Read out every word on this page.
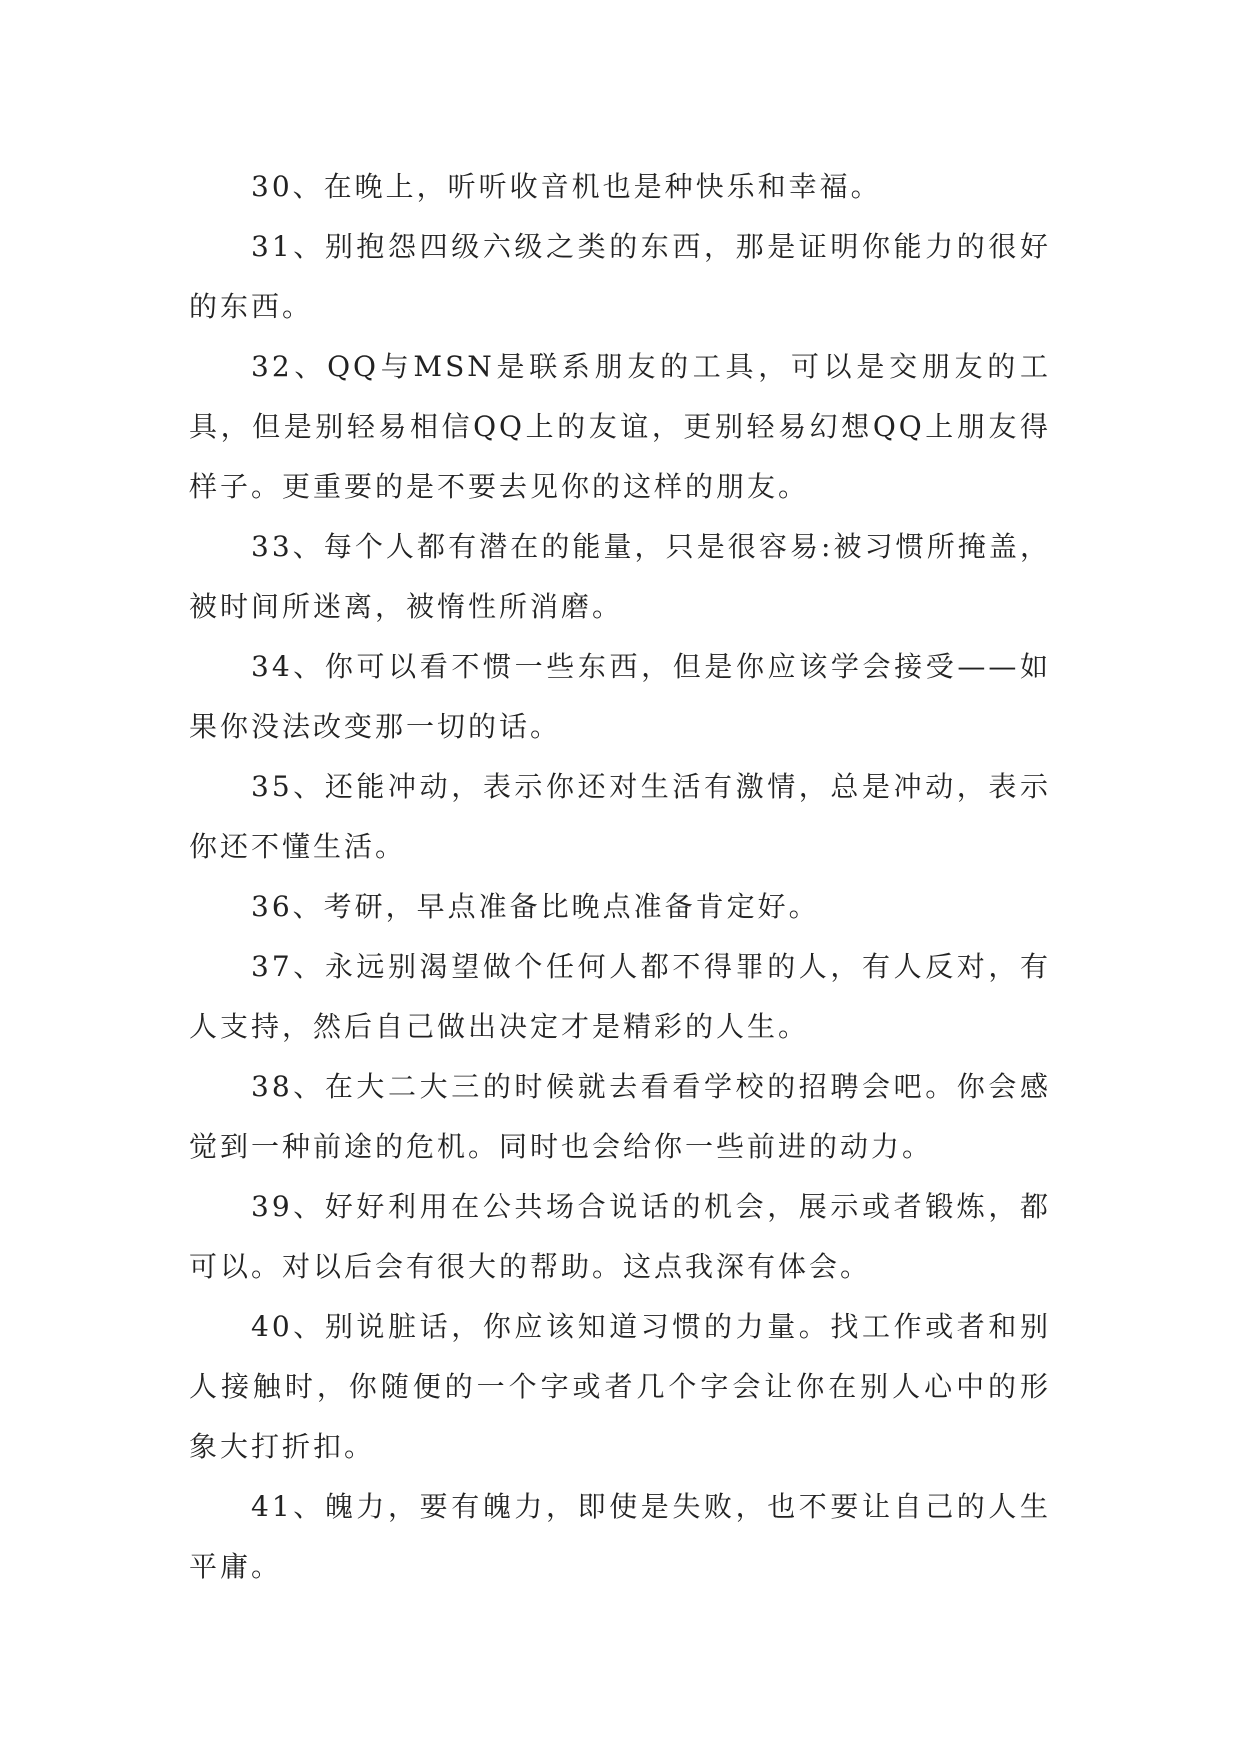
30、在晚上，听听收音机也是种快乐和幸福。

31、别抱怨四级六级之类的东西，那是证明你能力的很好的东西。

32、QQ与MSN是联系朋友的工具，可以是交朋友的工具，但是别轻易相信QQ上的友谊，更别轻易幻想QQ上朋友得样子。更重要的是不要去见你的这样的朋友。

33、每个人都有潜在的能量，只是很容易:被习惯所掩盖，被时间所迷离，被惰性所消磨。

34、你可以看不惯一些东西，但是你应该学会接受——如果你没法改变那一切的话。

35、还能冲动，表示你还对生活有激情，总是冲动，表示你还不懂生活。

36、考研，早点准备比晚点准备肯定好。

37、永远别渴望做个任何人都不得罪的人，有人反对，有人支持，然后自己做出决定才是精彩的人生。

38、在大二大三的时候就去看看学校的招聘会吧。你会感觉到一种前途的危机。同时也会给你一些前进的动力。

39、好好利用在公共场合说话的机会，展示或者锻炼，都可以。对以后会有很大的帮助。这点我深有体会。

40、别说脏话，你应该知道习惯的力量。找工作或者和别人接触时，你随便的一个字或者几个字会让你在别人心中的形象大打折扣。

41、魄力，要有魄力，即使是失败，也不要让自己的人生平庸。
